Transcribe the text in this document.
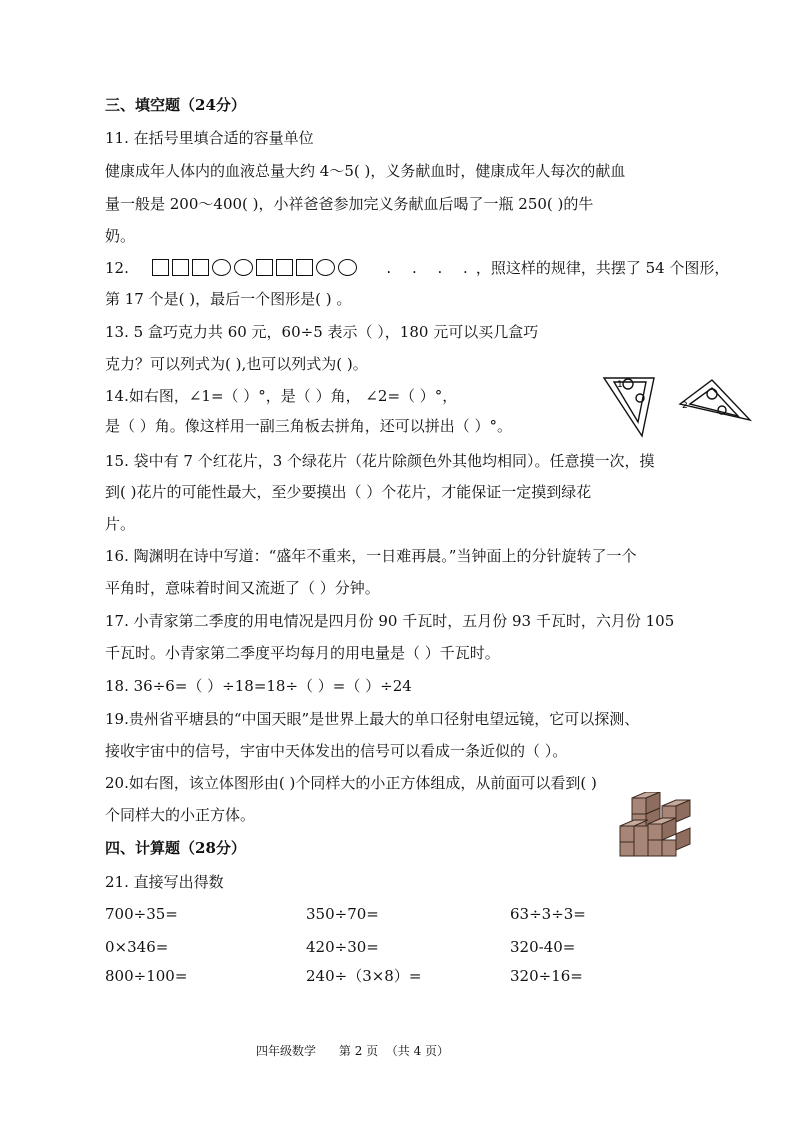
三、填空题（24分）
11. 在括号里填合适的容量单位
健康成年人体内的血液总量大约 4～5( )，义务献血时，健康成年人每次的献血
量一般是 200～400( )，小祥爸爸参加完义务献血后喝了一瓶 250( )的牛
奶。
12.	. . . .，照这样的规律，共摆了 54 个图形，
第 17 个是( )，最后一个图形是( ) 。
13. 5 盒巧克力共 60 元，60÷5 表示（ ），180 元可以买几盒巧
克力？可以列式为( ),也可以列式为( )。
14.如右图，∠1=（ ）°，是（ ）角， ∠2=（ ）°，
是（ ）角。像这样用一副三角板去拼角，还可以拼出（ ）°。
1
2
15. 袋中有 7 个红花片，3 个绿花片（花片除颜色外其他均相同）。任意摸一次，摸
到( )花片的可能性最大，至少要摸出（ ）个花片，才能保证一定摸到绿花
片。
16. 陶渊明在诗中写道：“盛年不重来，一日难再晨。”当钟面上的分针旋转了一个
平角时，意味着时间又流逝了（ ）分钟。
17. 小青家第二季度的用电情况是四月份 90 千瓦时，五月份 93 千瓦时，六月份 105
千瓦时。小青家第二季度平均每月的用电量是（ ）千瓦时。
18. 36÷6=（ ）÷18=18÷（ ）=（ ）÷24
19.贵州省平塘县的“中国天眼”是世界上最大的单口径射电望远镜，它可以探测、
接收宇宙中的信号，宇宙中天体发出的信号可以看成一条近似的（ ）。
20.如右图，该立体图形由( )个同样大的小正方体组成，从前面可以看到( )
个同样大的小正方体。
四、计算题（28分）
21. 直接写出得数
700÷35=	350÷70=	63÷3÷3=
0×346=	420÷30=	320-40=
800÷100=	240÷（3×8）=	320÷16=
四年级数学      第 2 页  （共 4 页）
